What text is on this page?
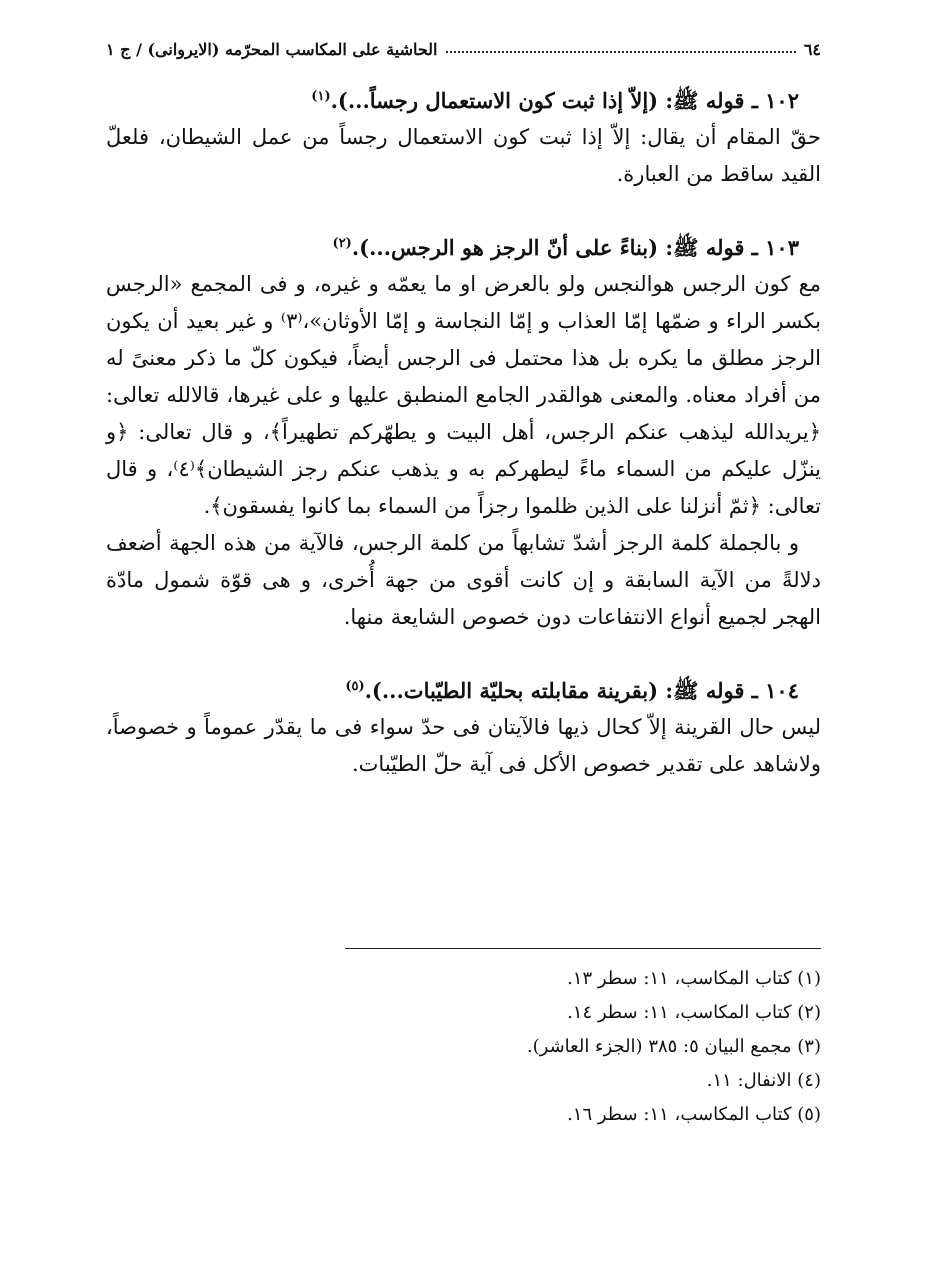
٦٤
الحاشية على المكاسب المحرّمه (الايروانى) / ج ١

١٠٢ ـ قوله ﷺ: (إلاّ إذا ثبت كون الاستعمال رجساً...).$^{(١)}$

حقّ المقام أن يقال: إلاّ إذا ثبت كون الاستعمال رجساً من عمل الشيطان، فلعلّ القيد ساقط من العبارة.

١٠٣ ـ قوله ﷺ: (بناءً على أنّ الرجز هو الرجس...).$^{(٢)}$

مع كون الرجس هوالنجس ولو بالعرض او ما يعمّه و غيره، و فى المجمع «الرجس بكسر الراء و ضمّها إمّا العذاب و إمّا النجاسة و إمّا الأوثان»،⁽٣⁾ و غير بعيد أن يكون الرجز مطلق ما يكره بل هذا محتمل فى الرجس أيضاً، فيكون كلّ ما ذكر معنىً له من أفراد معناه. والمعنى هوالقدر الجامع المنطبق عليها و على غيرها، قالالله تعالى: ﴿يريدالله ليذهب عنكم الرجس، أهل البيت و يطهّركم تطهيراً﴾، و قال تعالى: ﴿و ينزّل عليكم من السماء ماءً ليطهركم به و يذهب عنكم رجز الشيطان﴾⁽٤⁾، و قال تعالى: ﴿ثمّ أنزلنا على الذين ظلموا رجزاً من السماء بما كانوا يفسقون﴾.

و بالجملة كلمة الرجز أشدّ تشابهاً من كلمة الرجس، فالآية من هذه الجهة أضعف دلالةً من الآية السابقة و إن كانت أقوى من جهة أُخرى، و هى قوّة شمول مادّة الهجر لجميع أنواع الانتفاعات دون خصوص الشايعة منها.

١٠٤ ـ قوله ﷺ: (بقرينة مقابلته بحليّة الطيّبات...).$^{(٥)}$

ليس حال القرينة إلاّ كحال ذيها فالآيتان فى حدّ سواء فى ما يقدّر عموماً و خصوصاً، ولاشاهد على تقدير خصوص الأكل فى آية حلّ الطيّبات.

(١) كتاب المكاسب، ١١: سطر ١٣.
(٢) كتاب المكاسب، ١١: سطر ١٤.
(٣) مجمع البيان ٥: ٣٨٥ (الجزء العاشر).
(٤) الانفال: ١١.
(٥) كتاب المكاسب، ١١: سطر ١٦.
